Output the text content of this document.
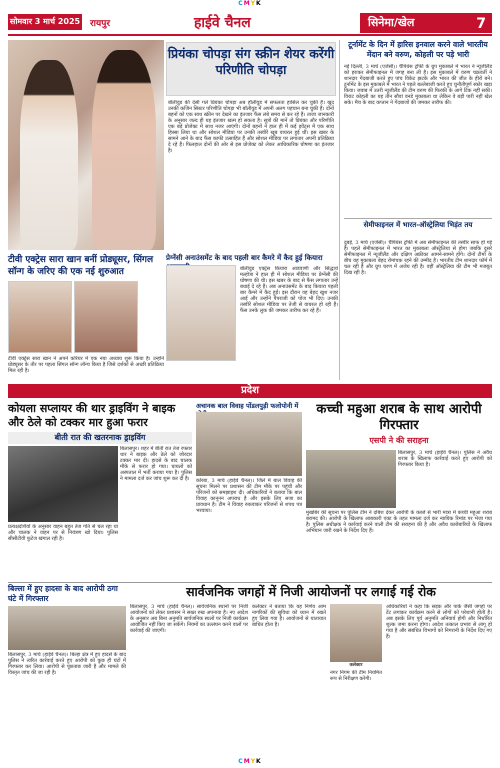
CMYK
सोमवार 3 मार्च 2025 रायपुर	हाईवे चैनल	सिनेमा/खेल	7
प्रियंका चोपड़ा संग स्क्रीन शेयर करेंगी परिणीति चोपड़ा
बॉलीवुड की देसी गर्ल प्रियंका चोपड़ा अब हॉलीवुड में सफलता हासिल कर चुकी हैं। खुद उनकी कजिन सिस्टर परिणीति चोपड़ा भी बॉलीवुड में अपनी अलग पहचान बना चुकी हैं। दोनों बहनों को एक साथ स्क्रीन पर देखने का इंतजार फैंस लंबे समय से कर रहे हैं। ताजा जानकारी के अनुसार जल्द ही यह इंतजार खत्म हो सकता है। सूत्रों की मानें तो प्रियंका और परिणीति एक बड़े प्रोजेक्ट में साथ नजर आएंगी। दोनों बहनों ने हाल ही में कई इवेंट्स में एक साथ हिस्सा लिया था और सोशल मीडिया पर उनकी तस्वीरें खूब वायरल हुई थीं। इस खबर के सामने आने के बाद फैंस काफी उत्साहित हैं और सोशल मीडिया पर लगातार अपनी प्रतिक्रिया दे रहे हैं। फिलहाल दोनों की ओर से इस प्रोजेक्ट को लेकर आधिकारिक घोषणा का इंतजार है।
टूर्नामेंट के दिन में हारिस इनवाल करने वाले भारतीय मेंदान बने वरुण, कोहली पर पड़े भारी
नई दिल्ली, 3 मार्च (एजेंसी)। चैंपियंस ट्रॉफी के ग्रुप मुकाबले में भारत ने न्यूजीलैंड को हराकर सेमीफाइनल में जगह बना ली है। इस मुकाबले में वरुण चक्रवर्ती ने शानदार गेंदबाजी करते हुए पांच विकेट झटके और भारत की जीत के हीरो बने। टूर्नामेंट के इस मुकाबले में भारत ने पहले बल्लेबाजी करते हुए चुनौतीपूर्ण स्कोर खड़ा किया। जवाब में उतरी न्यूजीलैंड की टीम वरुण की फिरकी के आगे टिक नहीं सकी। विराट कोहली का यह तीन सौवां वनडे मुकाबला था लेकिन वे बड़ी पारी नहीं खेल सके। मैच के बाद कप्तान ने गेंदबाजों की जमकर तारीफ की।
सेमीफाइनल में भारत-ऑस्ट्रेलिया भिड़ंत तय
दुबई, 3 मार्च (एजेंसी)। चैंपियंस ट्रॉफी में अब सेमीफाइनल की तस्वीर साफ हो गई है। पहले सेमीफाइनल में भारत का मुकाबला ऑस्ट्रेलिया से होगा जबकि दूसरे सेमीफाइनल में न्यूजीलैंड और दक्षिण अफ्रीका आमने-सामने होंगे। दोनों टीमों के बीच यह मुकाबला बेहद रोमांचक रहने की उम्मीद है। भारतीय टीम शानदार फॉर्म में चल रही है और ग्रुप चरण में अजेय रही है। वहीं ऑस्ट्रेलिया की टीम भी मजबूत दिख रही है।
टीवी एक्ट्रेस सारा खान बनीं प्रोड्यूसर, सिंगल सॉन्ग के जरिए की एक नई शुरुआत
टीवी एक्ट्रेस सारा खान ने अपने करियर में एक नया अध्याय शुरू किया है। उन्होंने प्रोड्यूसर के तौर पर पहला सिंगल सॉन्ग लॉन्च किया है जिसे दर्शकों से अच्छी प्रतिक्रिया मिल रही है।
प्रेग्नेंसी अनाउंसमेंट के बाद पहली बार कैमरे में कैद हुई कियारा
बॉलीवुड एक्ट्रेस कियारा आडवाणी और सिद्धार्थ मल्होत्रा ने हाल ही में सोशल मीडिया पर प्रेग्नेंसी की घोषणा की थी। इस खबर के बाद से फैंस लगातार उन्हें बधाई दे रहे हैं। अब अनाउंसमेंट के बाद कियारा पहली बार कैमरे में कैद हुईं। इस दौरान वह बेहद खुश नजर आईं और उन्होंने पैपराजी को पोज भी दिए। उनकी तस्वीरें सोशल मीडिया पर तेजी से वायरल हो रही हैं। फैंस उनके लुक की जमकर तारीफ कर रहे हैं।
प्रदेश
कोयला सप्लायर की थार ड्राइविंग ने बाइक और ठेले को टक्कर मार हुआ फरार
बीती रात की खतरनाक ड्राइविंग
बिलासपुर। शहर में बीती रात तेज रफ्तार थार ने बाइक और ठेले को जोरदार टक्कर मार दी। हादसे के बाद चालक मौके से फरार हो गया। घायलों को अस्पताल में भर्ती कराया गया है। पुलिस ने मामला दर्ज कर जांच शुरू कर दी है।
प्रत्यक्षदर्शियों के अनुसार वाहन बहुत तेज गति से चल रहा था और चालक ने वाहन पर से नियंत्रण खो दिया। पुलिस सीसीटीवी फुटेज खंगाल रही है।
अचानक बाल विवाह पोंडलपुड़ी फलोपोनी में
कोरबा, 3 मार्च (हाईवे चैनल)। जिले में बाल विवाह की सूचना मिलने पर प्रशासन की टीम मौके पर पहुंची और परिजनों को समझाइश दी। अधिकारियों ने बताया कि बाल विवाह कानूनन अपराध है और इसके लिए सजा का प्रावधान है। टीम ने विवाह रुकवाकर परिजनों से शपथ पत्र भरवाया।
कच्ची महुआ शराब के साथ आरोपी गिरफ्तार
एसपी ने की सराहना
बिलासपुर, 3 मार्च (हाईवे चैनल)। पुलिस ने अवैध शराब के खिलाफ कार्रवाई करते हुए आरोपी को गिरफ्तार किया है।
मुखबिर की सूचना पर पुलिस टीम ने दबिश देकर आरोपी के कब्जे से भारी मात्रा में कच्ची महुआ शराब बरामद की। आरोपी के खिलाफ आबकारी एक्ट के तहत मामला दर्ज कर न्यायिक रिमांड पर भेजा गया है। पुलिस अधीक्षक ने कार्रवाई करने वाली टीम की सराहना की है और अवैध कारोबारियों के खिलाफ अभियान जारी रखने के निर्देश दिए हैं।
बिल्ला में हुए हादसा के बाद आरोपी ठगा घंटे में गिरफ्तार
बिलासपुर, 3 मार्च (हाईवे चैनल)। बिल्हा क्षेत्र में हुए हादसे के बाद पुलिस ने त्वरित कार्रवाई करते हुए आरोपी को कुछ ही घंटों में गिरफ्तार कर लिया। आरोपी से पूछताछ जारी है और मामले की विस्तृत जांच की जा रही है।
सार्वजनिक जगहों में निजी आयोजनों पर लगाई गई रोक
बिलासपुर, 3 मार्च (हाईवे चैनल)। सार्वजनिक स्थानों पर निजी आयोजनों को लेकर प्रशासन ने सख्त रुख अपनाया है। नए आदेश के अनुसार अब बिना अनुमति सार्वजनिक स्थलों पर निजी कार्यक्रम आयोजित नहीं किए जा सकेंगे। नियमों का उल्लंघन करने वालों पर कार्रवाई की जाएगी।
कलेक्टर ने बताया कि यह निर्णय आम नागरिकों की सुविधा को ध्यान में रखते हुए लिया गया है। आयोजनों से यातायात बाधित होता है।
कलेक्टर
नगर निगम की टीम नियमित रूप से निरीक्षण करेगी।
अधिकारियों ने कहा कि सड़क और पार्क जैसी जगहों पर टेंट लगाकर कार्यक्रम करने से लोगों को परेशानी होती है। अब इसके लिए पूर्व अनुमति अनिवार्य होगी और निर्धारित शुल्क जमा करना होगा। आदेश तत्काल प्रभाव से लागू हो गया है और संबंधित विभागों को निगरानी के निर्देश दिए गए हैं।
CMYK
